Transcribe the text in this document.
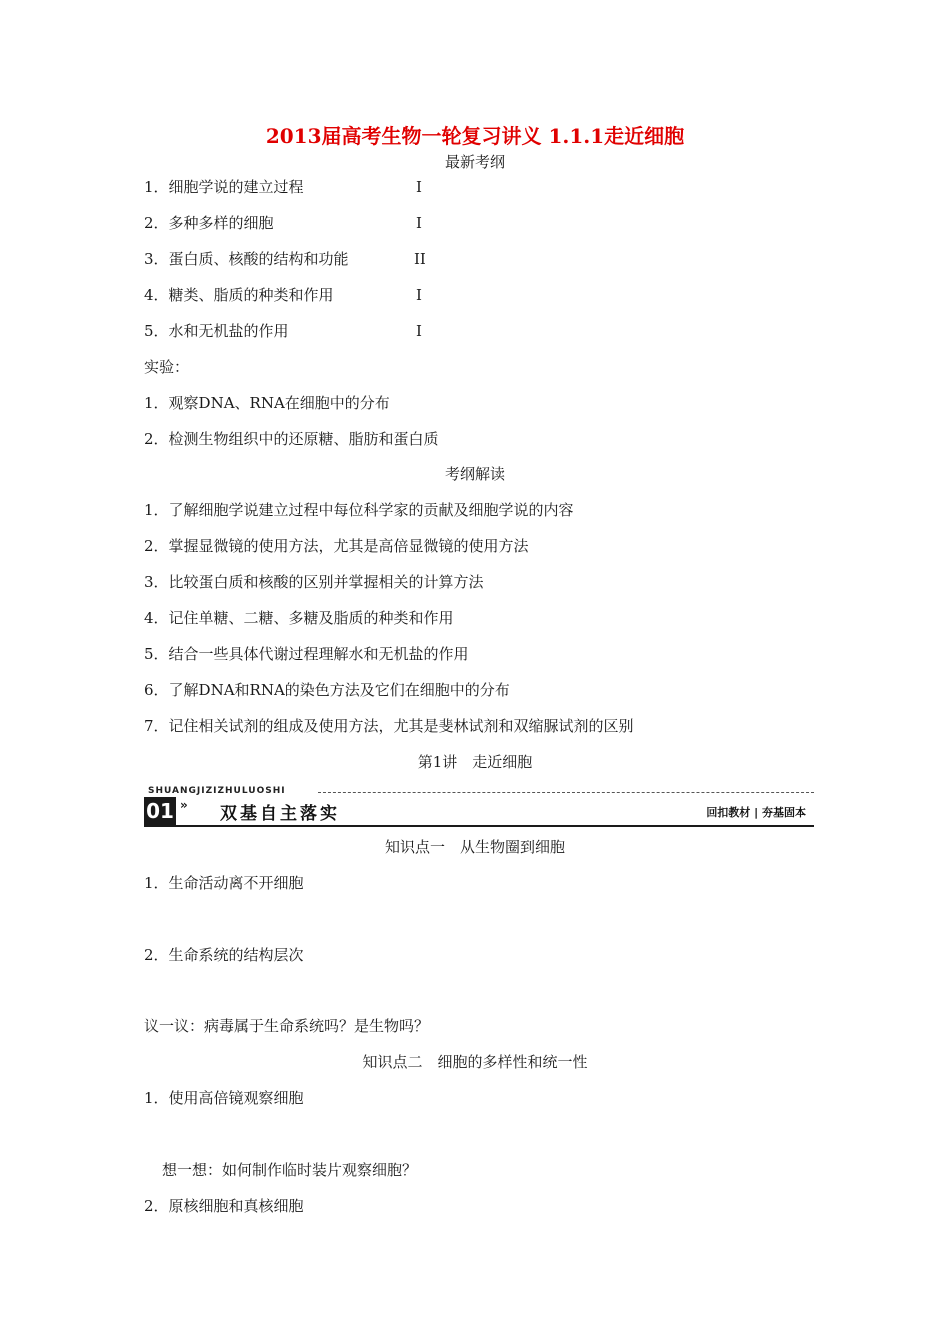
2013届高考生物一轮复习讲义 1.1.1走近细胞
最新考纲
1．细胞学说的建立过程	I
2．多种多样的细胞	I
3．蛋白质、核酸的结构和功能	II
4．糖类、脂质的种类和作用	I
5．水和无机盐的作用	I
实验：
1．观察DNA、RNA在细胞中的分布
2．检测生物组织中的还原糖、脂肪和蛋白质
考纲解读
1．了解细胞学说建立过程中每位科学家的贡献及细胞学说的内容
2．掌握显微镜的使用方法，尤其是高倍显微镜的使用方法
3．比较蛋白质和核酸的区别并掌握相关的计算方法
4．记住单糖、二糖、多糖及脂质的种类和作用
5．结合一些具体代谢过程理解水和无机盐的作用
6．了解DNA和RNA的染色方法及它们在细胞中的分布
7．记住相关试剂的组成及使用方法，尤其是斐林试剂和双缩脲试剂的区别
第1讲　走近细胞
SHUANGJIZIZHULUOSHI
01 » 双基自主落实	回扣教材 | 夯基固本
知识点一　从生物圈到细胞
1．生命活动离不开细胞
2．生命系统的结构层次
议一议：病毒属于生命系统吗？是生物吗？
知识点二　细胞的多样性和统一性
1．使用高倍镜观察细胞
想一想：如何制作临时装片观察细胞？
2．原核细胞和真核细胞
